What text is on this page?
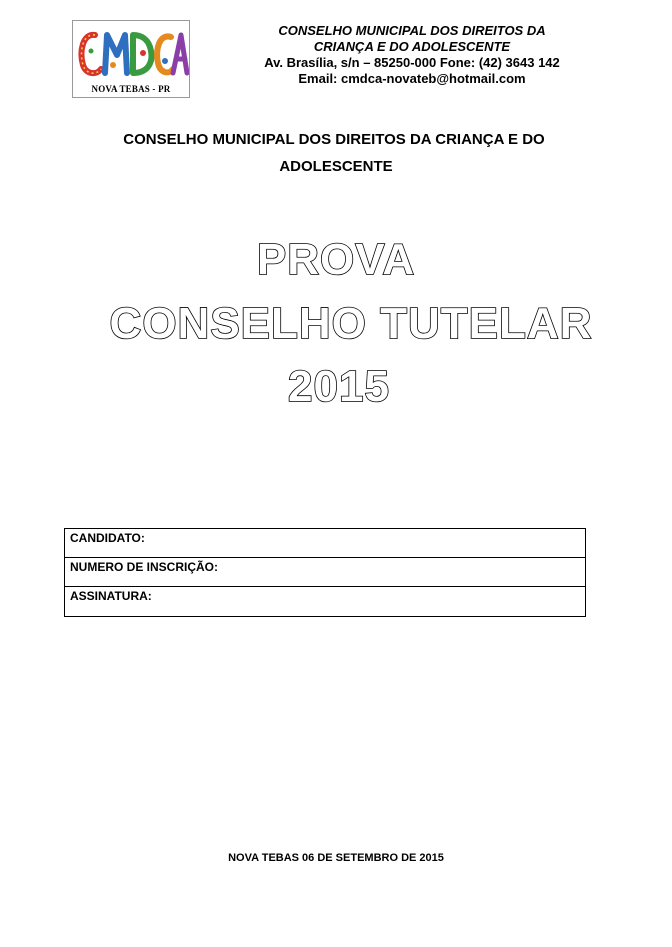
NOVA TEBAS - PR
CONSELHO MUNICIPAL DOS DIREITOS DA
CRIANÇA E DO ADOLESCENTE
Av. Brasília, s/n – 85250-000 Fone: (42) 3643 142
Email: cmdca-novateb@hotmail.com
CONSELHO MUNICIPAL DOS DIREITOS DA CRIANÇA E DO
ADOLESCENTE
PROVA
CONSELHO TUTELAR
2015
CANDIDATO:
NUMERO DE INSCRIÇÃO:
ASSINATURA:
NOVA TEBAS 06 DE SETEMBRO DE 2015
